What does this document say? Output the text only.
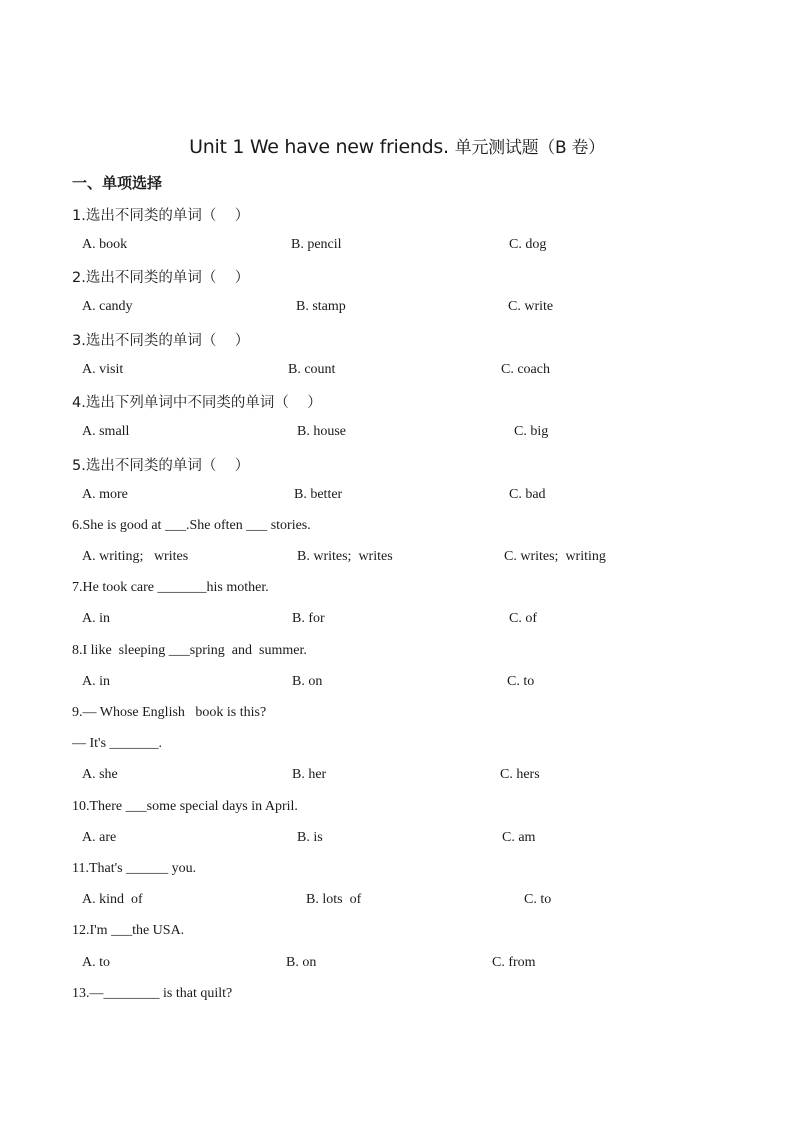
Unit 1 We have new friends. 单元测试题（B 卷）
一、单项选择
1.选出不同类的单词（    ）
A. book	B. pencil	C. dog
2.选出不同类的单词（    ）
A. candy	B. stamp	C. write
3.选出不同类的单词（    ）
A. visit	B. count	C. coach
4.选出下列单词中不同类的单词（    ）
A. small	B. house	C. big
5.选出不同类的单词（    ）
A. more	B. better	C. bad
6.She is good at ___.She often ___ stories.
A. writing;   writes	B. writes;  writes	C. writes;  writing
7.He took care _______his mother.
A. in	B. for	C. of
8.I like  sleeping ___spring  and  summer.
A. in	B. on	C. to
9.— Whose English   book is this?
— It's _______.
A. she	B. her	C. hers
10.There ___some special days in April.
A. are	B. is	C. am
11.That's ______ you.
A. kind  of	B. lots  of	C. to
12.I'm ___the USA.
A. to	B. on	C. from
13.—________ is that quilt?
